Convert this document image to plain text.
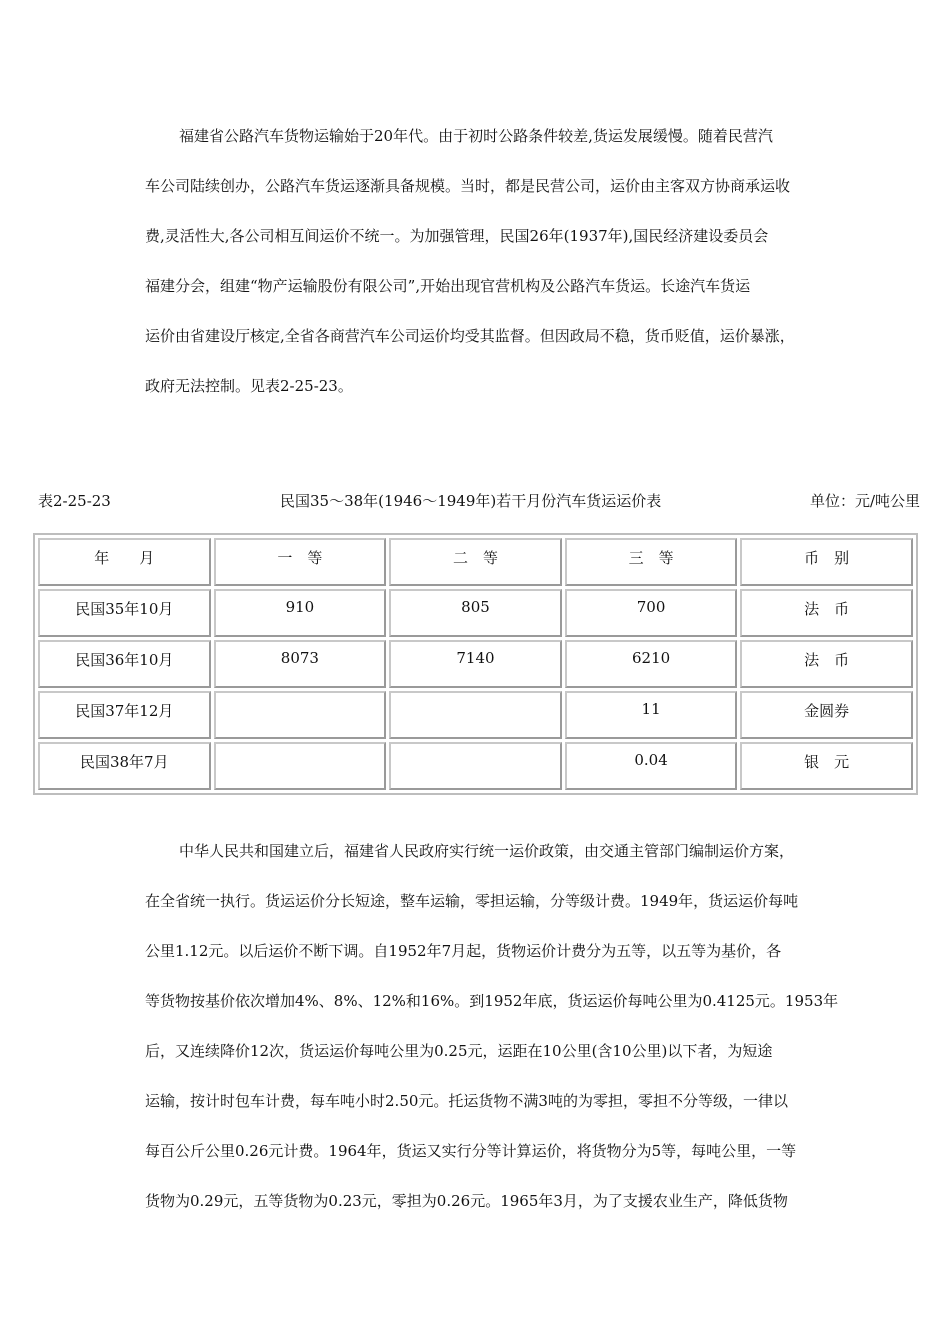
福建省公路汽车货物运输始于20年代。由于初时公路条件较差,货运发展缓慢。随着民营汽
车公司陆续创办，公路汽车货运逐渐具备规模。当时，都是民营公司，运价由主客双方协商承运收
费,灵活性大,各公司相互间运价不统一。为加强管理，民国26年(1937年),国民经济建设委员会
福建分会，组建“物产运输股份有限公司”,开始出现官营机构及公路汽车货运。长途汽车货运
运价由省建设厅核定,全省各商营汽车公司运价均受其监督。但因政局不稳，货币贬值，运价暴涨，
政府无法控制。见表2-25-23。
表2-25-23	民国35～38年(1946～1949年)若干月份汽车货运运价表	单位：元/吨公里
年　　月	一　等	二　等	三　等	币　别
民国35年10月	910	805	700	法　币
民国36年10月	8073	7140	6210	法　币
民国37年12月			11	金圆券
民国38年7月			0.04	银　元
中华人民共和国建立后，福建省人民政府实行统一运价政策，由交通主管部门编制运价方案，
在全省统一执行。货运运价分长短途，整车运输，零担运输，分等级计费。1949年，货运运价每吨
公里1.12元。以后运价不断下调。自1952年7月起，货物运价计费分为五等，以五等为基价，各
等货物按基价依次增加4%、8%、12%和16%。到1952年底，货运运价每吨公里为0.4125元。1953年
后，又连续降价12次，货运运价每吨公里为0.25元，运距在10公里(含10公里)以下者，为短途
运输，按计时包车计费，每车吨小时2.50元。托运货物不满3吨的为零担，零担不分等级，一律以
每百公斤公里0.26元计费。1964年，货运又实行分等计算运价，将货物分为5等，每吨公里，一等
货物为0.29元，五等货物为0.23元，零担为0.26元。1965年3月，为了支援农业生产，降低货物
